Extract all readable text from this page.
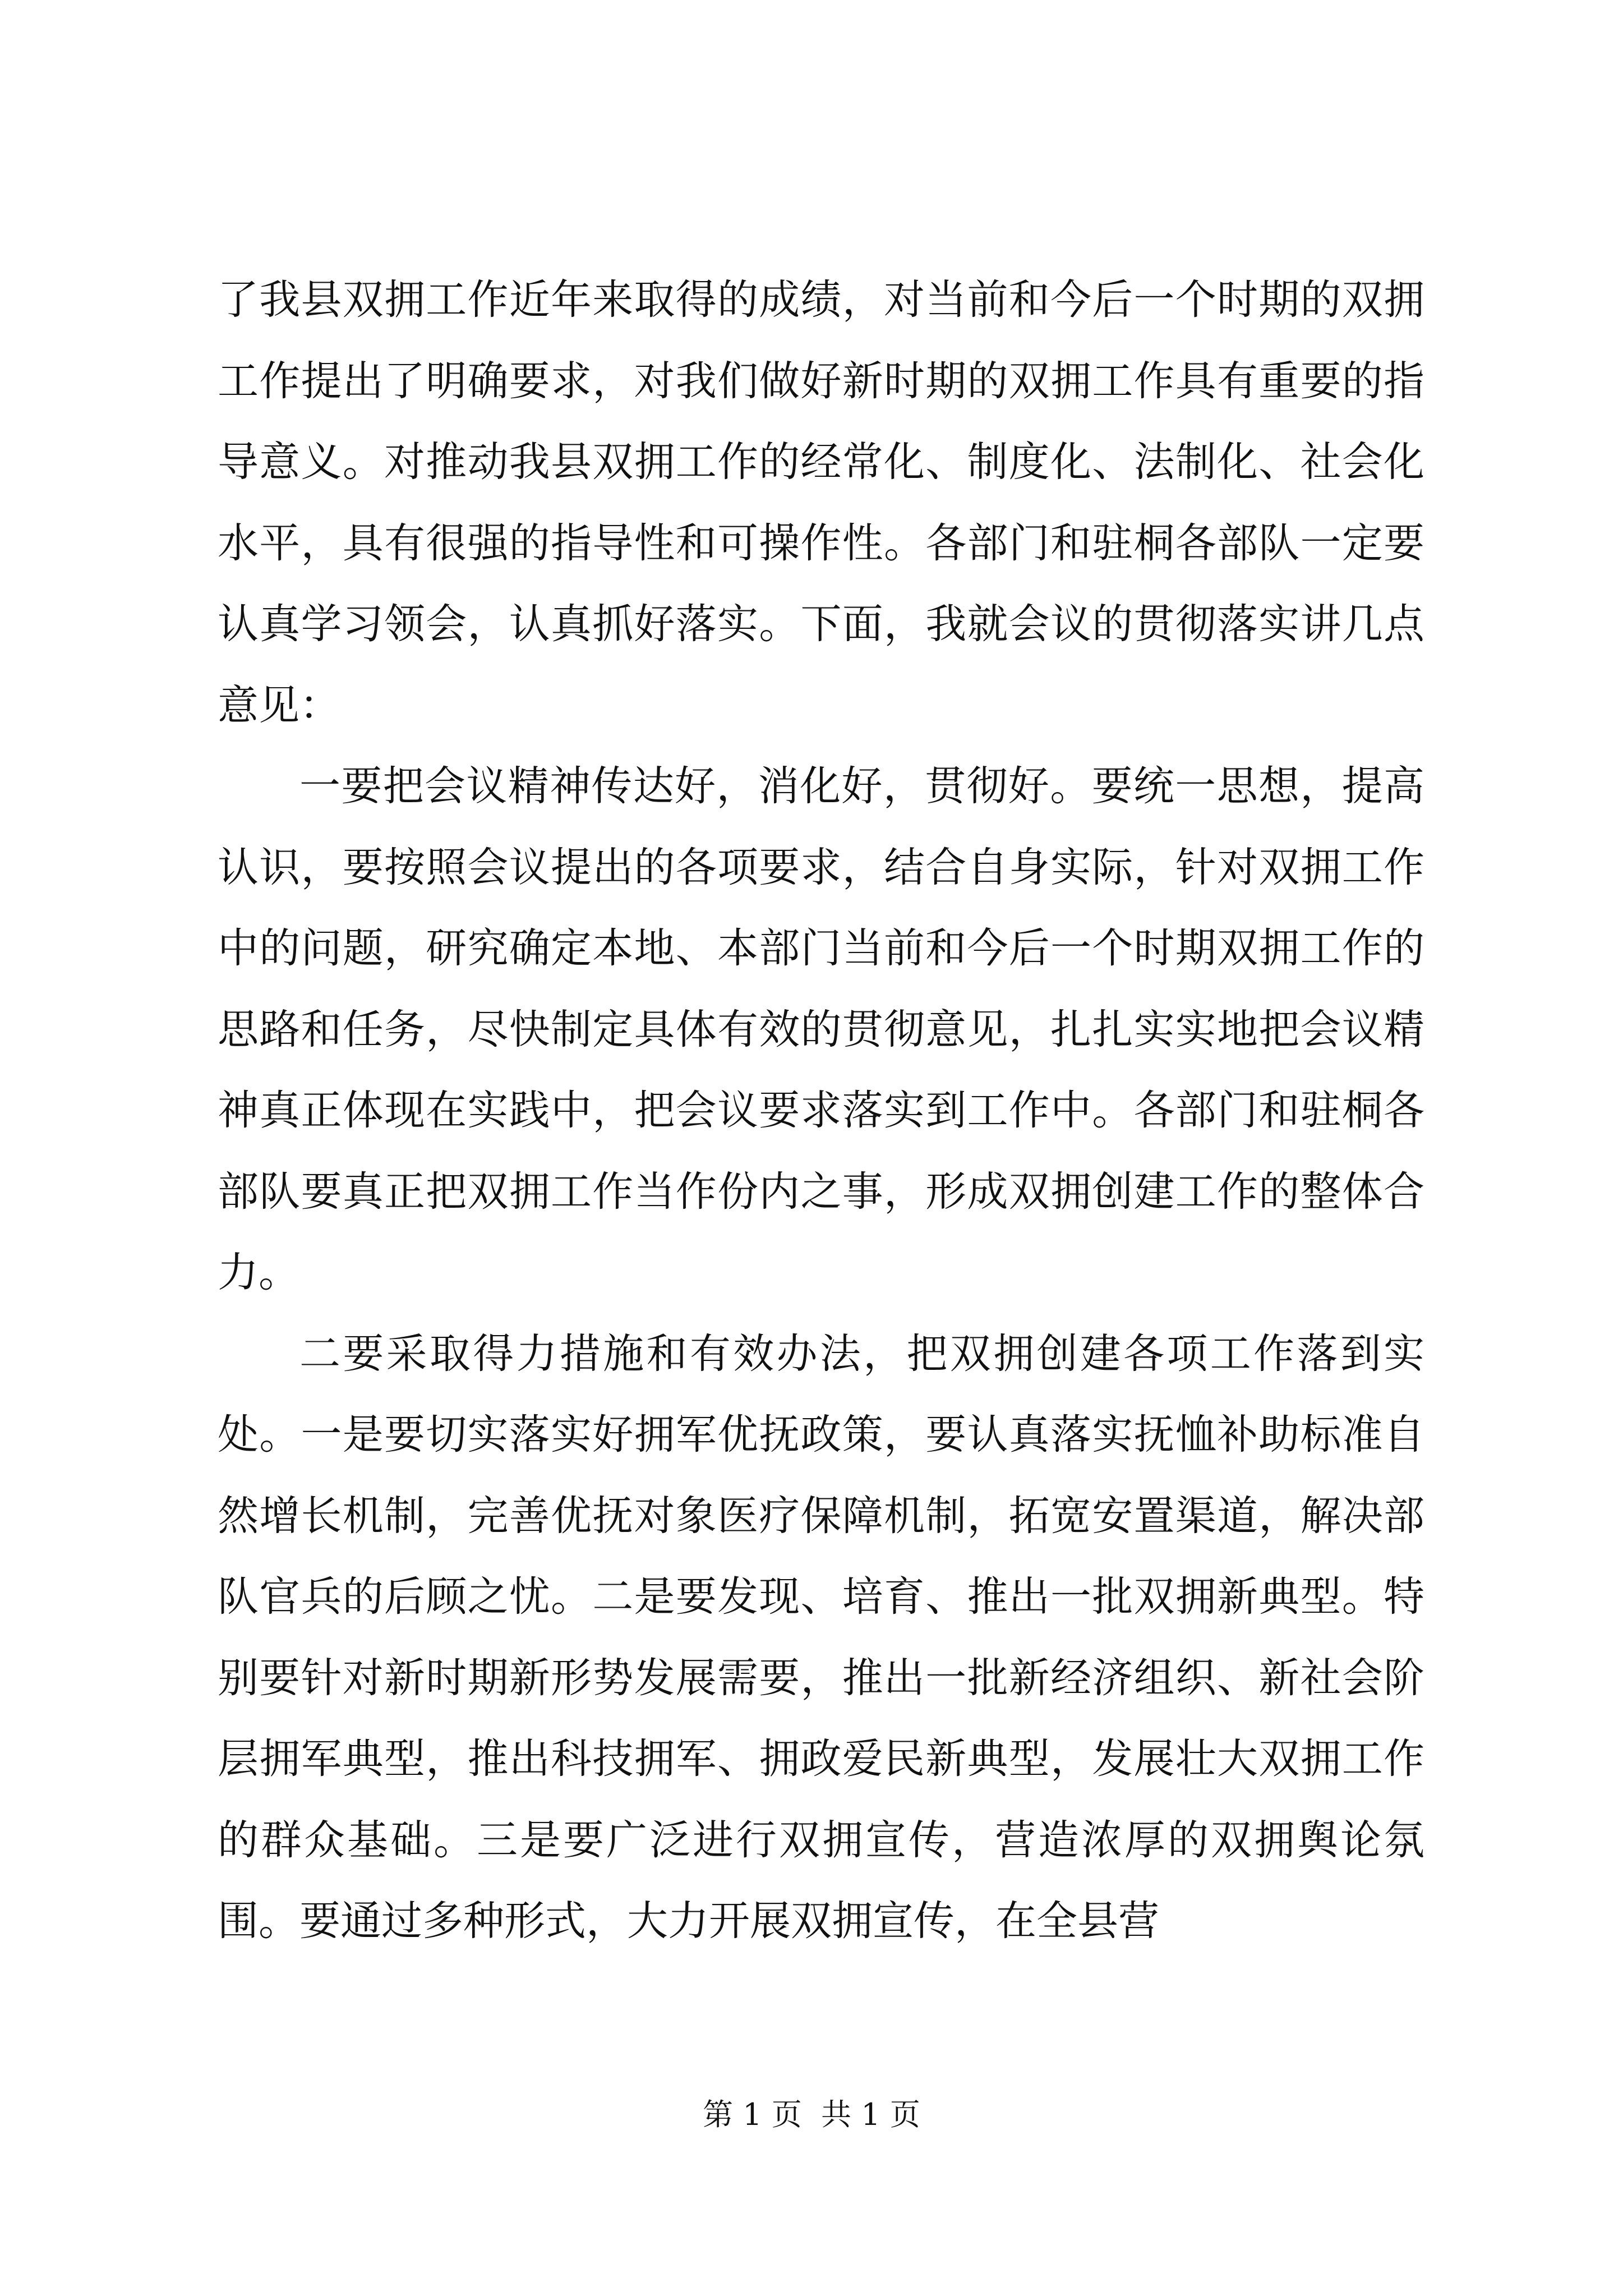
了我县双拥工作近年来取得的成绩，对当前和今后一个时期的双拥工作提出了明确要求，对我们做好新时期的双拥工作具有重要的指导意义。对推动我县双拥工作的经常化、制度化、法制化、社会化水平，具有很强的指导性和可操作性。各部门和驻桐各部队一定要认真学习领会，认真抓好落实。下面，我就会议的贯彻落实讲几点意见：

一要把会议精神传达好，消化好，贯彻好。要统一思想，提高认识，要按照会议提出的各项要求，结合自身实际，针对双拥工作中的问题，研究确定本地、本部门当前和今后一个时期双拥工作的思路和任务，尽快制定具体有效的贯彻意见，扎扎实实地把会议精神真正体现在实践中，把会议要求落实到工作中。各部门和驻桐各部队要真正把双拥工作当作份内之事，形成双拥创建工作的整体合力。

二要采取得力措施和有效办法，把双拥创建各项工作落到实处。一是要切实落实好拥军优抚政策，要认真落实抚恤补助标准自然增长机制，完善优抚对象医疗保障机制，拓宽安置渠道，解决部队官兵的后顾之忧。二是要发现、培育、推出一批双拥新典型。特别要针对新时期新形势发展需要，推出一批新经济组织、新社会阶层拥军典型，推出科技拥军、拥政爱民新典型，发展壮大双拥工作的群众基础。三是要广泛进行双拥宣传，营造浓厚的双拥舆论氛围。要通过多种形式，大力开展双拥宣传，在全县营

第 1 页  共 1 页
